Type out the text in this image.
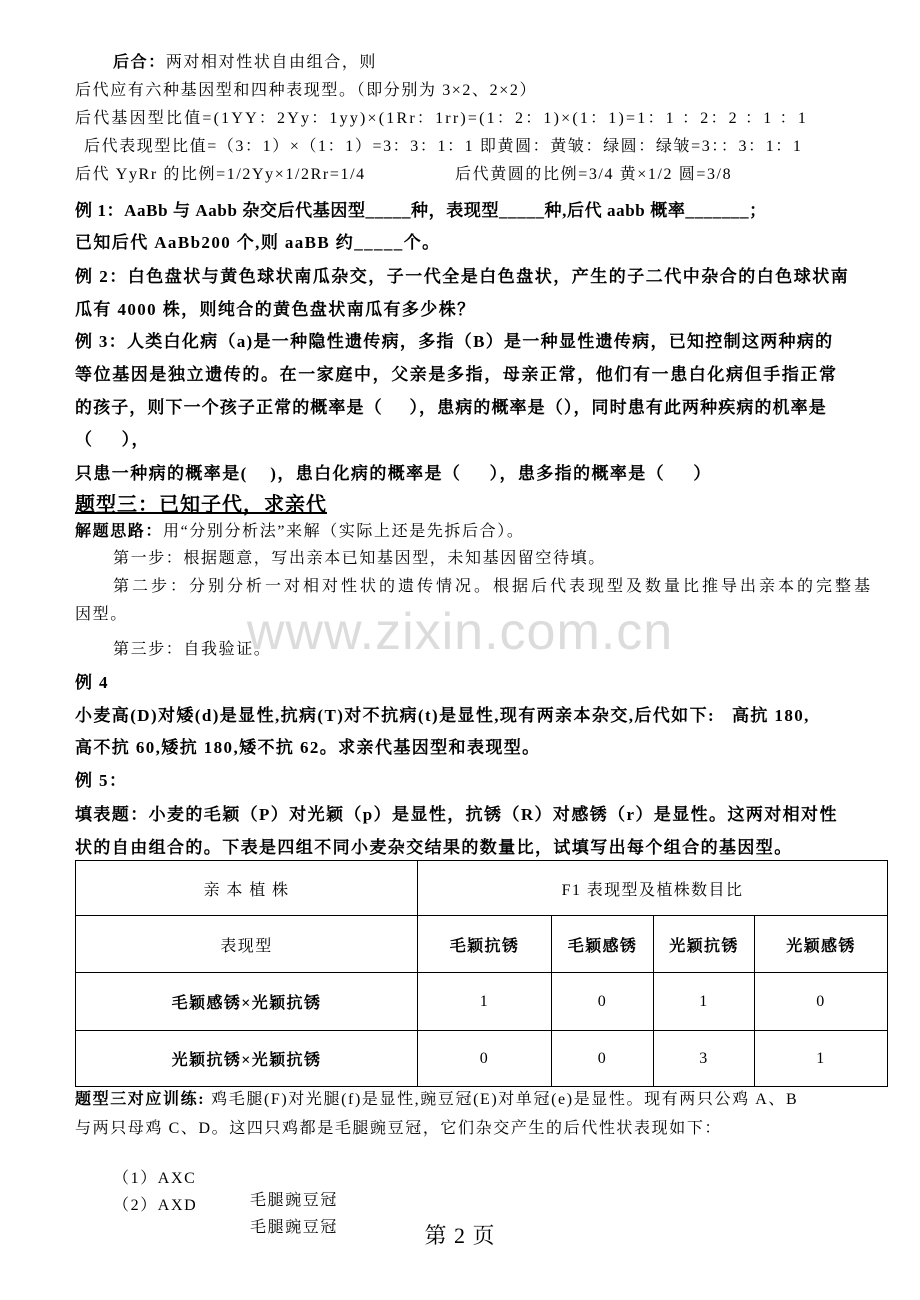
www.zixin.com.cn
后合：两对相对性状自由组合，则
后代应有六种基因型和四种表现型。（即分别为 3×2、2×2）
后代基因型比值=(1YY：2Yy：1yy)×(1Rr：1rr)=(1：2：1)×(1：1)=1：1 ：2：2 ：1 ：1
后代表现型比值=（3：1）×（1：1）=3：3：1：1 即黄圆：黄皱：绿圆：绿皱=3：：3：1：1
后代 YyRr 的比例=1/2Yy×1/2Rr=1/4	后代黄圆的比例=3/4 黄×1/2 圆=3/8
例 1：AaBb 与 Aabb 杂交后代基因型_____种，表现型_____种,后代 aabb 概率_______；
已知后代 AaBb200 个,则 aaBB 约_____个。
例 2：白色盘状与黄色球状南瓜杂交，子一代全是白色盘状，产生的子二代中杂合的白色球状南
瓜有 4000 株，则纯合的黄色盘状南瓜有多少株？
例 3：人类白化病（a)是一种隐性遗传病，多指（B）是一种显性遗传病，已知控制这两种病的
等位基因是独立遗传的。在一家庭中，父亲是多指，母亲正常，他们有一患白化病但手指正常
的孩子，则下一个孩子正常的概率是（     ），患病的概率是（），同时患有此两种疾病的机率是
（     ），
只患一种病的概率是(    )，患白化病的概率是（     ），患多指的概率是（     ）
题型三：已知子代，求亲代
解题思路：用“分别分析法”来解（实际上还是先拆后合）。
第一步：根据题意，写出亲本已知基因型，未知基因留空待填。
第二步：分别分析一对相对性状的遗传情况。根据后代表现型及数量比推导出亲本的完整基
因型。
第三步：自我验证。
例 4
小麦高(D)对矮(d)是显性,抗病(T)对不抗病(t)是显性,现有两亲本杂交,后代如下:   高抗 180,
高不抗 60,矮抗 180,矮不抗 62。求亲代基因型和表现型。
例 5：
填表题：小麦的毛颖（P）对光颖（p）是显性，抗锈（R）对感锈（r）是显性。这两对相对性
状的自由组合的。下表是四组不同小麦杂交结果的数量比，试填写出每个组合的基因型。
亲 本 植 株	F1 表现型及植株数目比			
表现型	毛颖抗锈	毛颖感锈	光颖抗锈	光颖感锈
毛颖感锈×光颖抗锈	1	0	1	0
光颖抗锈×光颖抗锈	0	0	3	1
题型三对应训练: 鸡毛腿(F)对光腿(f)是显性,豌豆冠(E)对单冠(e)是显性。现有两只公鸡 A、B
与两只母鸡 C、D。这四只鸡都是毛腿豌豆冠，它们杂交产生的后代性状表现如下：

（1）AXC

毛腿豌豆冠

（2）AXD

毛腿豌豆冠

	第 2 页
